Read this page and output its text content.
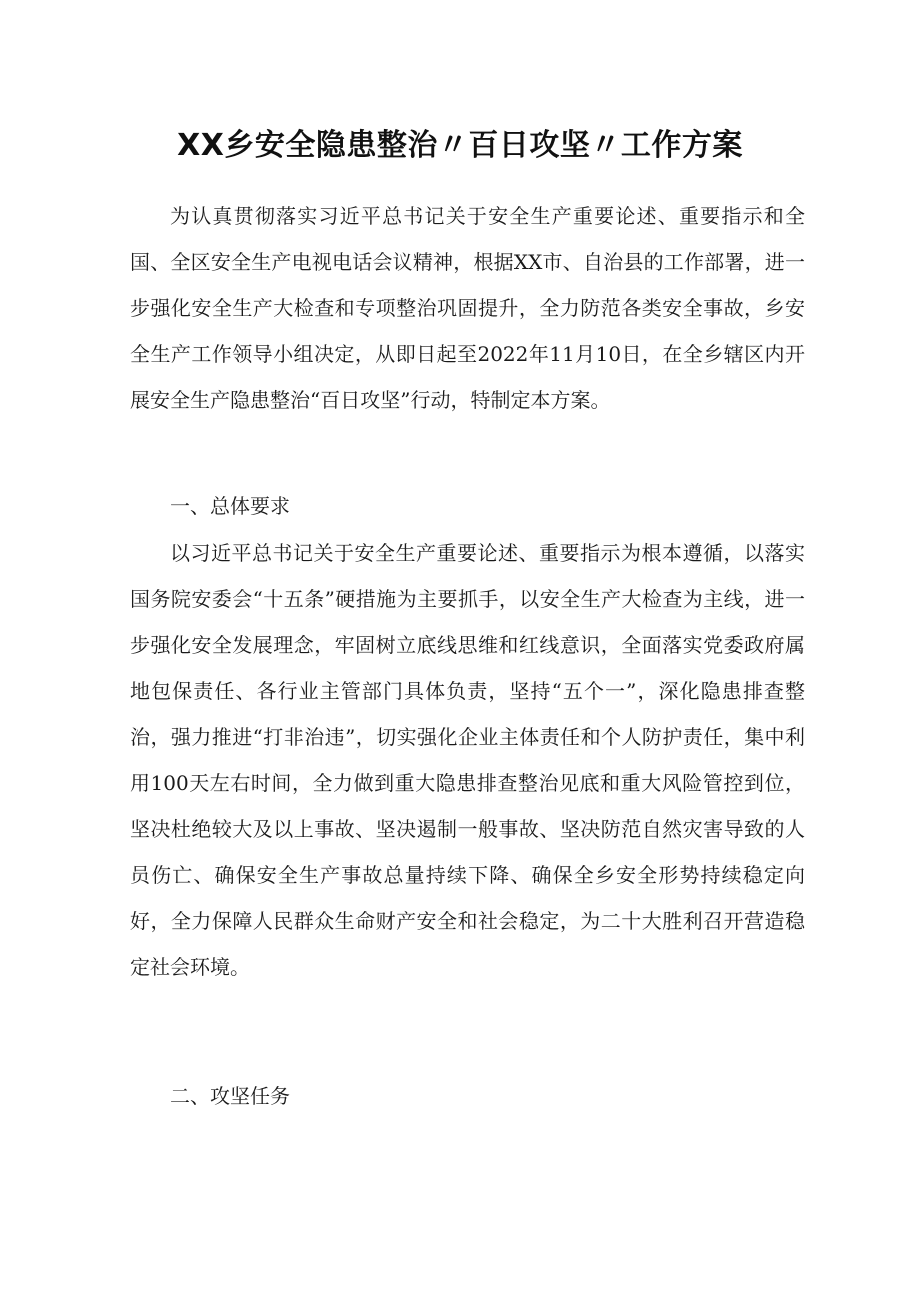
XX乡安全隐患整治〃百日攻坚〃工作方案

为认真贯彻落实习近平总书记关于安全生产重要论述、重要指示和全国、全区安全生产电视电话会议精神，根据XX市、自治县的工作部署，进一步强化安全生产大检查和专项整治巩固提升，全力防范各类安全事故，乡安全生产工作领导小组决定，从即日起至2022年11月10日，在全乡辖区内开展安全生产隐患整治“百日攻坚”行动，特制定本方案。

一、总体要求

以习近平总书记关于安全生产重要论述、重要指示为根本遵循，以落实国务院安委会“十五条”硬措施为主要抓手，以安全生产大检查为主线，进一步强化安全发展理念，牢固树立底线思维和红线意识，全面落实党委政府属地包保责任、各行业主管部门具体负责，坚持“五个一”，深化隐患排查整治，强力推进“打非治违”，切实强化企业主体责任和个人防护责任，集中利用100天左右时间，全力做到重大隐患排查整治见底和重大风险管控到位，坚决杜绝较大及以上事故、坚决遏制一般事故、坚决防范自然灾害导致的人员伤亡、确保安全生产事故总量持续下降、确保全乡安全形势持续稳定向好，全力保障人民群众生命财产安全和社会稳定，为二十大胜利召开营造稳定社会环境。

二、攻坚任务
